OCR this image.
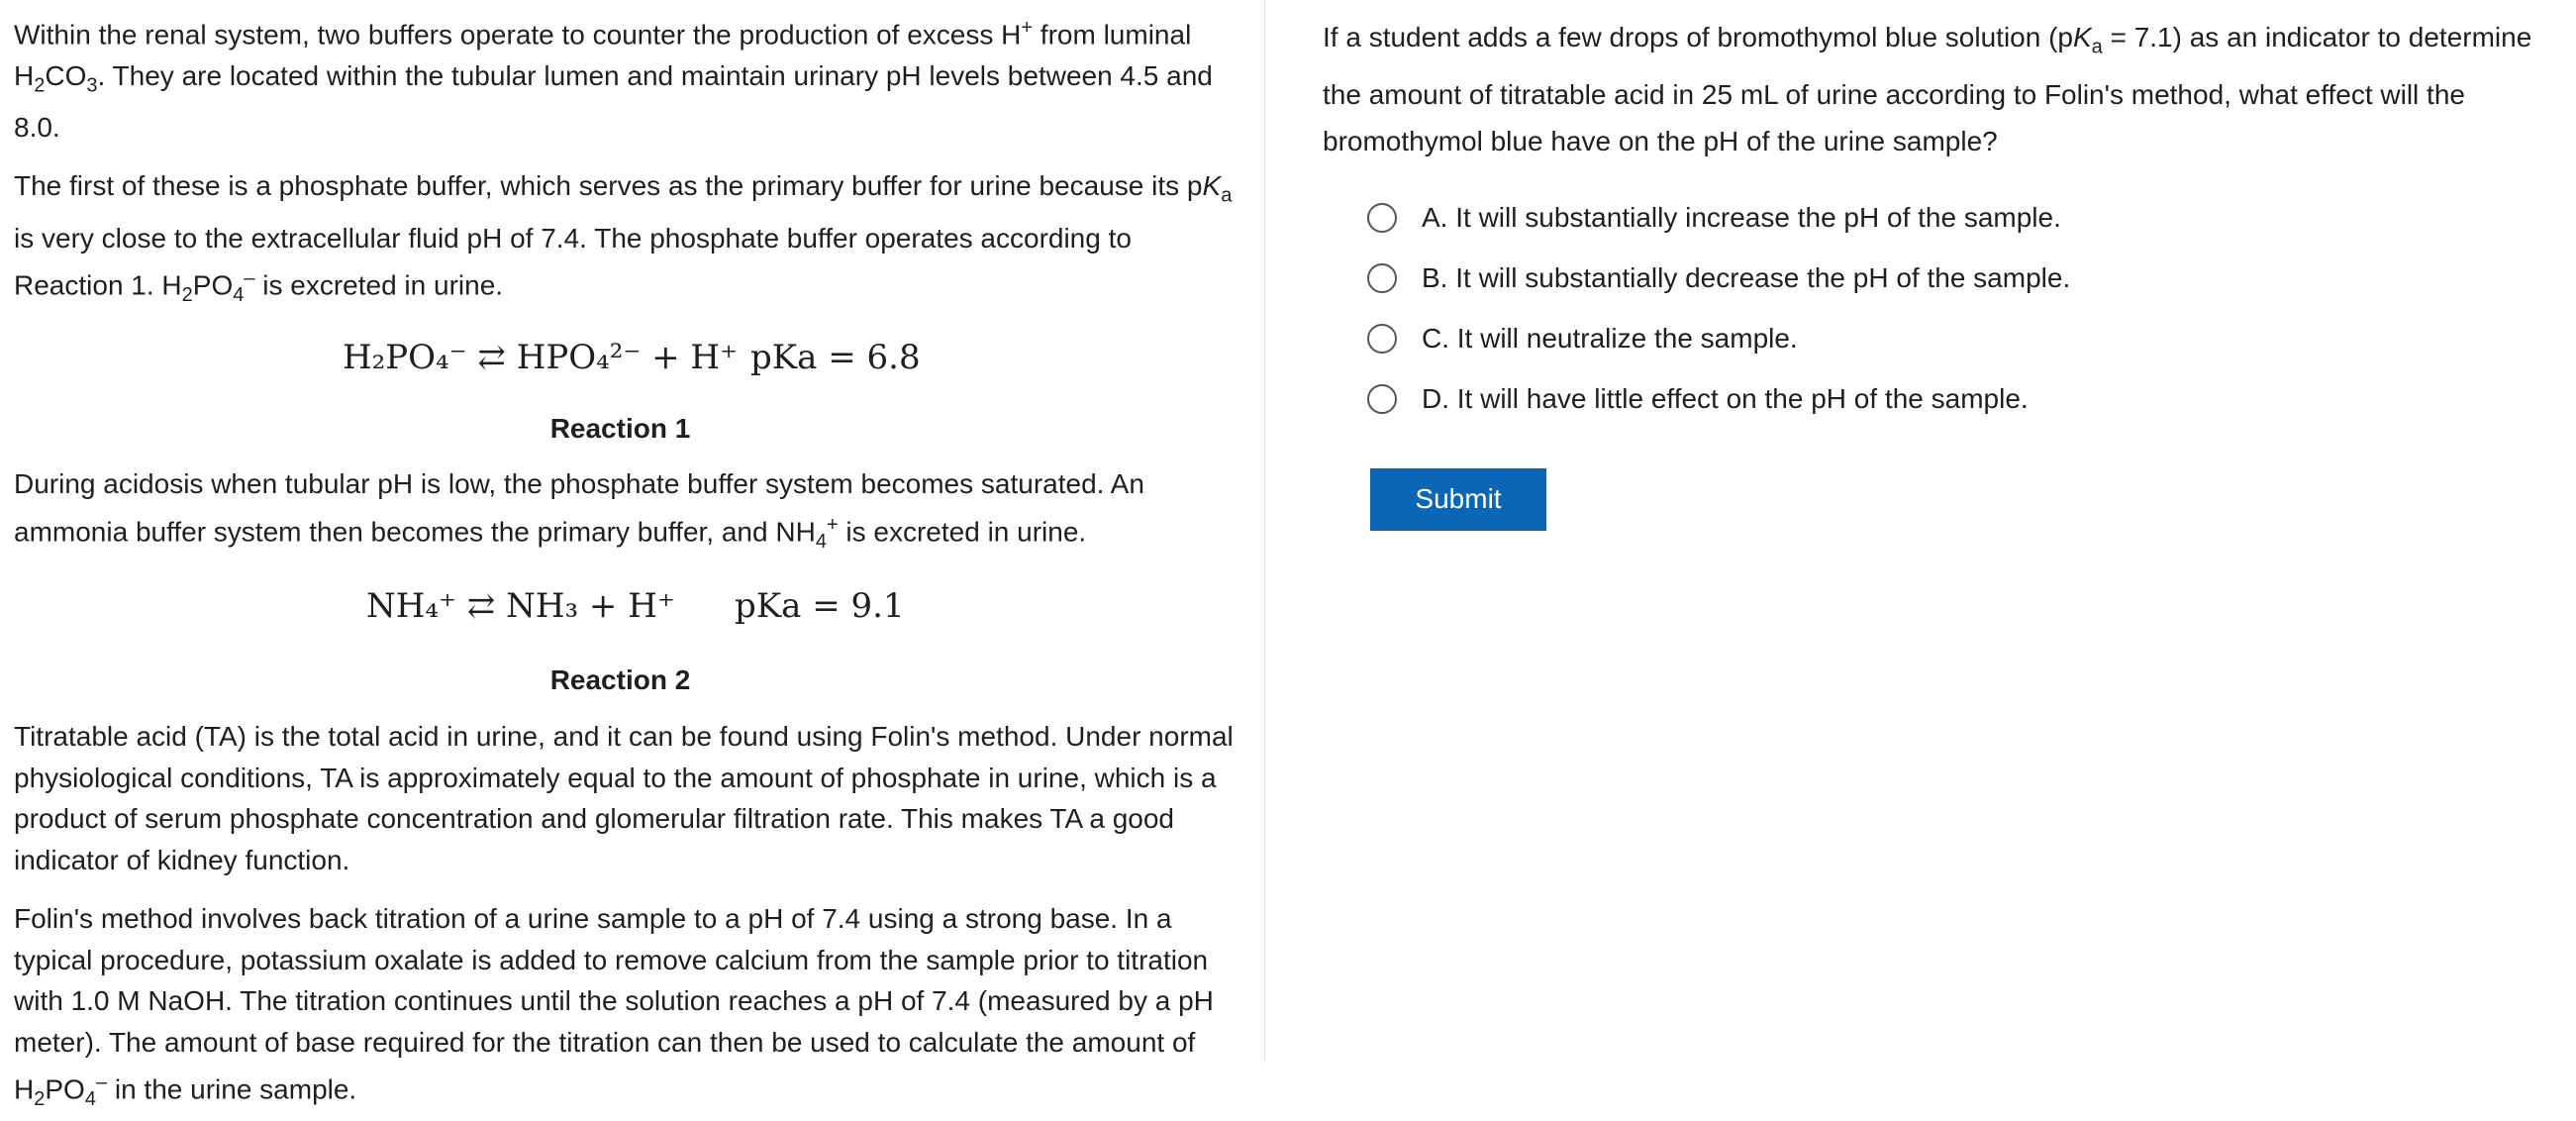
Within the renal system, two buffers operate to counter the production of excess H+ from luminal $H_2CO_3$. They are located within the tubular lumen and maintain urinary pH levels between 4.5 and 8.0.

The first of these is a phosphate buffer, which serves as the primary buffer for urine because its $pK_a$ is very close to the extracellular fluid pH of 7.4. The phosphate buffer operates according to Reaction 1. $H_2PO_4^-$ is excreted in urine.

H₂PO₄⁻ ⇄ HPO₄²⁻ + H⁺ pKa = 6.8

Reaction 1

During acidosis when tubular pH is low, the phosphate buffer system becomes saturated. An ammonia buffer system then becomes the primary buffer, and $NH_4^+$ is excreted in urine.

NH₄⁺ ⇄ NH₃ + H⁺ pKa = 9.1

Reaction 2

Titratable acid (TA) is the total acid in urine, and it can be found using Folin's method. Under normal physiological conditions, TA is approximately equal to the amount of phosphate in urine, which is a product of serum phosphate concentration and glomerular filtration rate. This makes TA a good indicator of kidney function.

Folin's method involves back titration of a urine sample to a pH of 7.4 using a strong base. In a typical procedure, potassium oxalate is added to remove calcium from the sample prior to titration with 1.0 M NaOH. The titration continues until the solution reaches a pH of 7.4 (measured by a pH meter). The amount of base required for the titration can then be used to calculate the amount of $H_2PO_4^-$ in the urine sample.

If a student adds a few drops of bromothymol blue solution $(pK_a = 7.1)$ as an indicator to determine the amount of titratable acid in 25 mL of urine according to Folin's method, what effect will the bromothymol blue have on the pH of the urine sample?

A.
It will substantially increase the pH of the sample.
B.
It will substantially decrease the pH of the sample.
C.
It will neutralize the sample.
D.
It will have little effect on the pH of the sample.
Submit
